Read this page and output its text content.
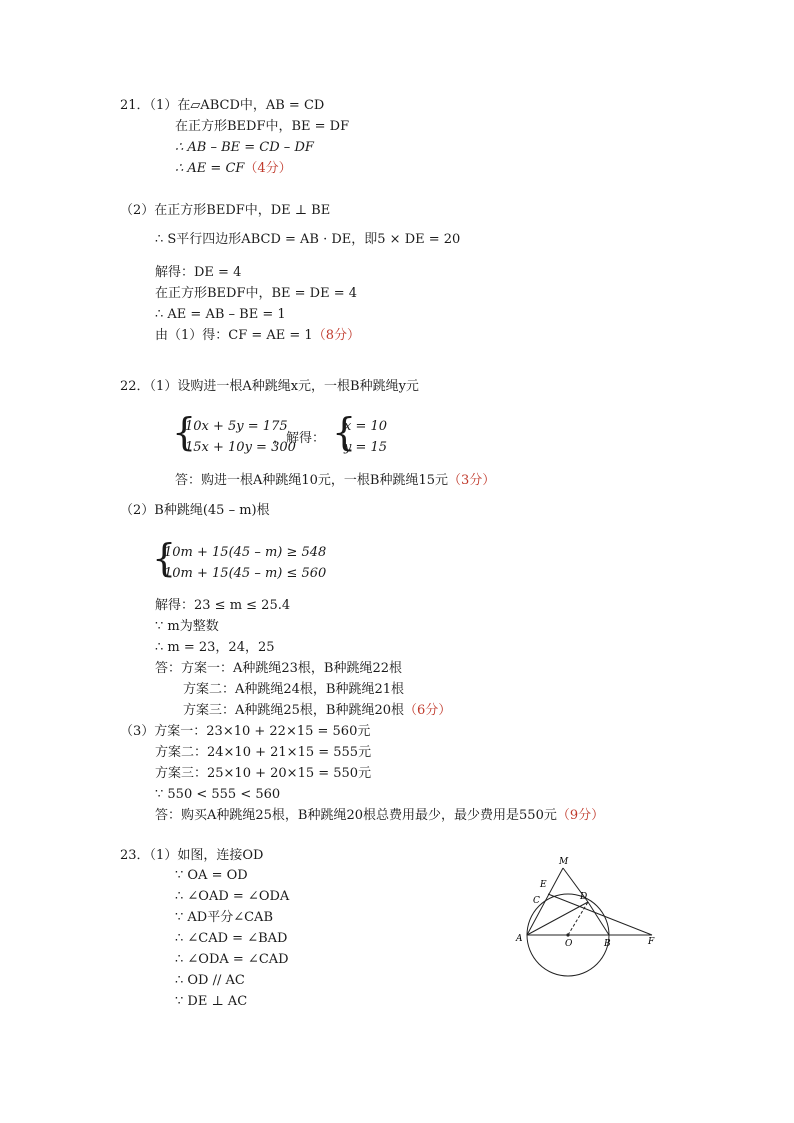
21．（1）在▱ABCD中，AB = CD
在正方形BEDF中，BE = DF
∴ AB – BE = CD – DF
∴ AE = CF（4分）
（2）在正方形BEDF中，DE ⊥ BE
∴ S平行四边形ABCD = AB · DE，即5 × DE = 20
解得：DE = 4
在正方形BEDF中，BE = DE = 4
∴ AE = AB – BE = 1
由（1）得：CF = AE = 1（8分）
22．（1）设购进一根A种跳绳x元，一根B种跳绳y元
{
10x + 5y = 175
15x + 10y = 300
，解得： {
x = 10
y = 15
答：购进一根A种跳绳10元，一根B种跳绳15元（3分）
（2）B种跳绳(45 – m)根
{
10m + 15(45 – m) ≥ 548
10m + 15(45 – m) ≤ 560
解得：23 ≤ m ≤ 25.4
∵ m为整数
∴ m = 23，24，25
答：方案一：A种跳绳23根，B种跳绳22根
方案二：A种跳绳24根，B种跳绳21根
方案三：A种跳绳25根，B种跳绳20根（6分）
（3）方案一：23×10 + 22×15 = 560元
方案二：24×10 + 21×15 = 555元
方案三：25×10 + 20×15 = 550元
∵ 550 < 555 < 560
答：购买A种跳绳25根，B种跳绳20根总费用最少，最少费用是550元（9分）
23．（1）如图，连接OD
∵ OA = OD
∴ ∠OAD = ∠ODA
∵ AD平分∠CAB
∴ ∠CAD = ∠BAD
∴ ∠ODA = ∠CAD
∴ OD // AC
∵ DE ⊥ AC
M
E
C	D
A	O	B	F
